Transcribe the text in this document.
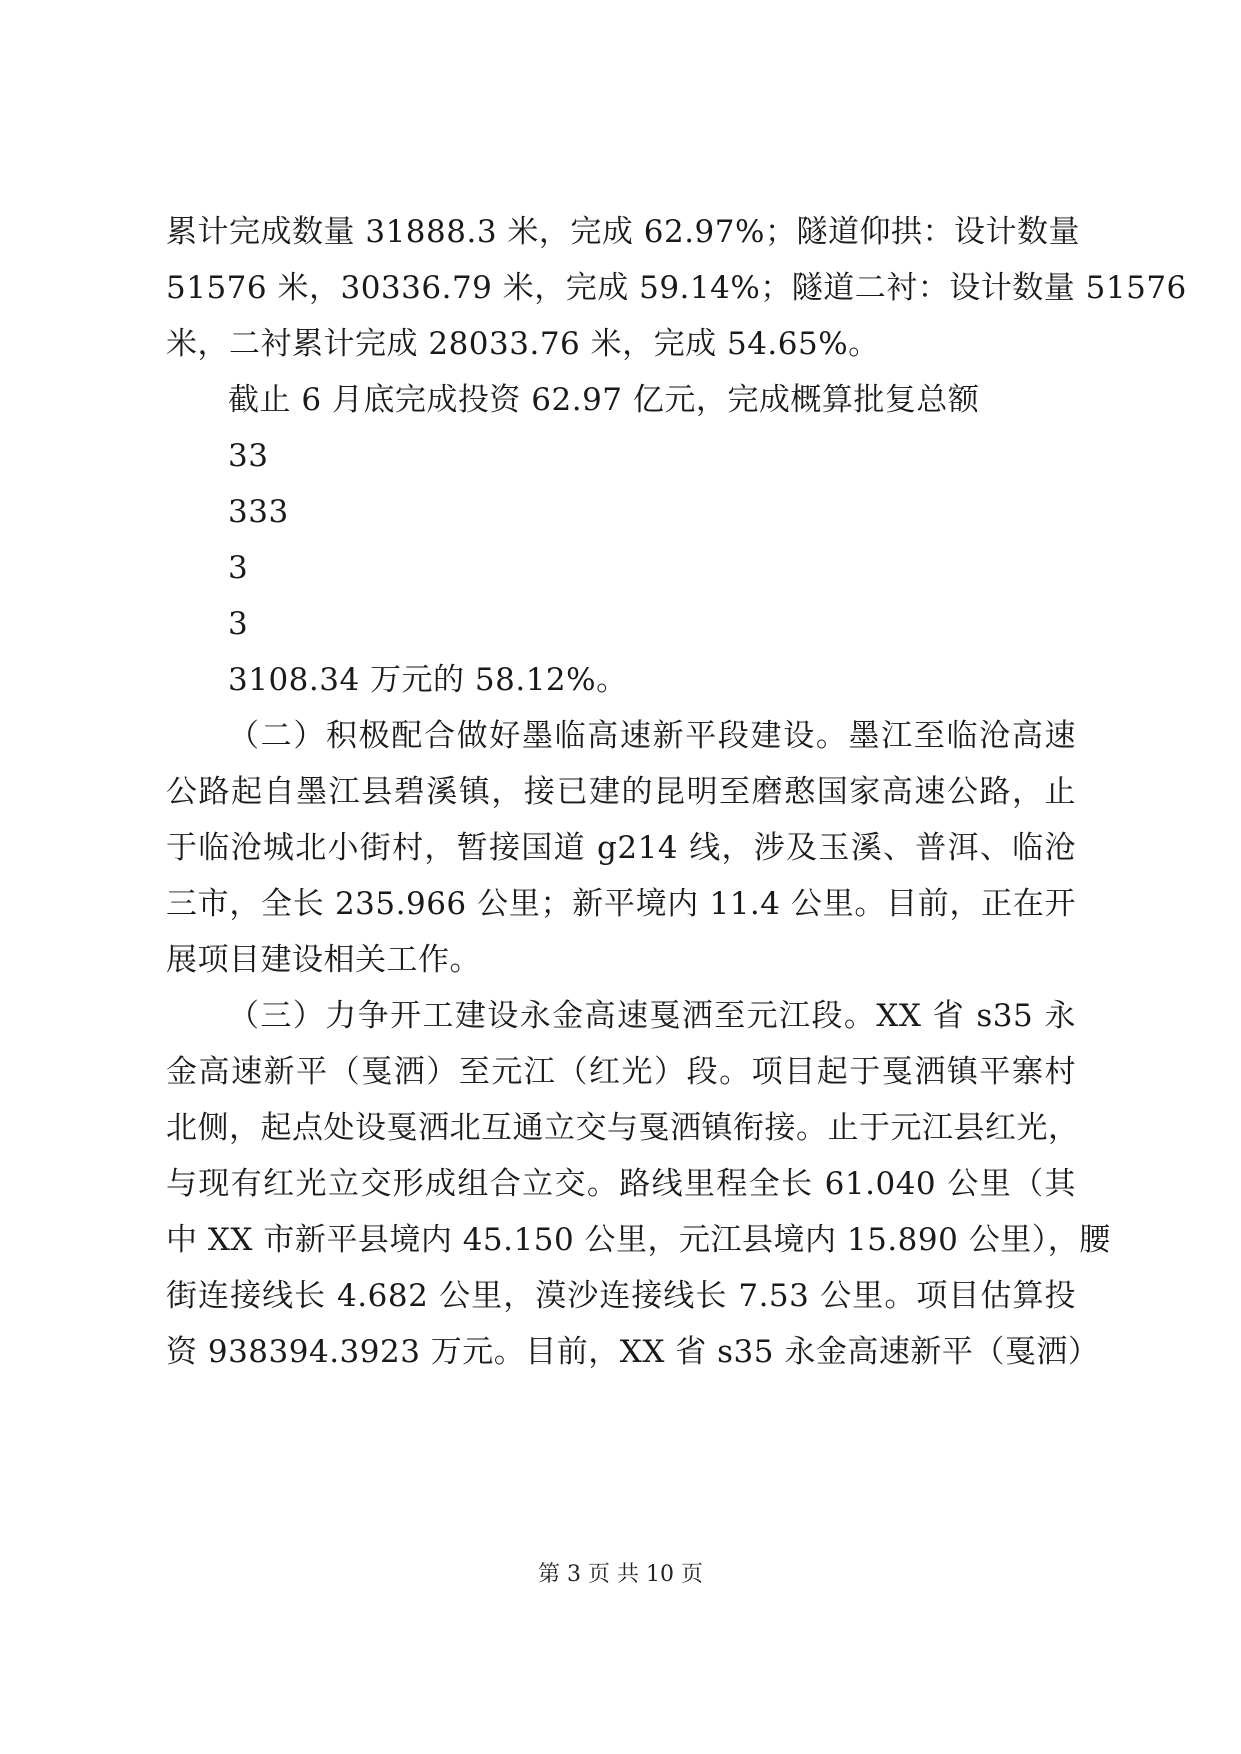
累计完成数量 31888.3 米，完成 62.97%；隧道仰拱：设计数量
51576 米，30336.79 米，完成 59.14%；隧道二衬：设计数量 51576
米，二衬累计完成 28033.76 米，完成 54.65%。
截止 6 月底完成投资 62.97 亿元，完成概算批复总额
33
333
3
3
3108.34 万元的 58.12%。
（二）积极配合做好墨临高速新平段建设。墨江至临沧高速
公路起自墨江县碧溪镇，接已建的昆明至磨憨国家高速公路，止
于临沧城北小街村，暂接国道 g214 线，涉及玉溪、普洱、临沧
三市，全长 235.966 公里；新平境内 11.4 公里。目前，正在开
展项目建设相关工作。
（三）力争开工建设永金高速戛洒至元江段。XX 省 s35 永
金高速新平（戛洒）至元江（红光）段。项目起于戛洒镇平寨村
北侧，起点处设戛洒北互通立交与戛洒镇衔接。止于元江县红光，
与现有红光立交形成组合立交。路线里程全长 61.040 公里（其
中 XX 市新平县境内 45.150 公里，元江县境内 15.890 公里），腰
街连接线长 4.682 公里，漠沙连接线长 7.53 公里。项目估算投
资 938394.3923 万元。目前，XX 省 s35 永金高速新平（戛洒）
第 3 页 共 10 页
